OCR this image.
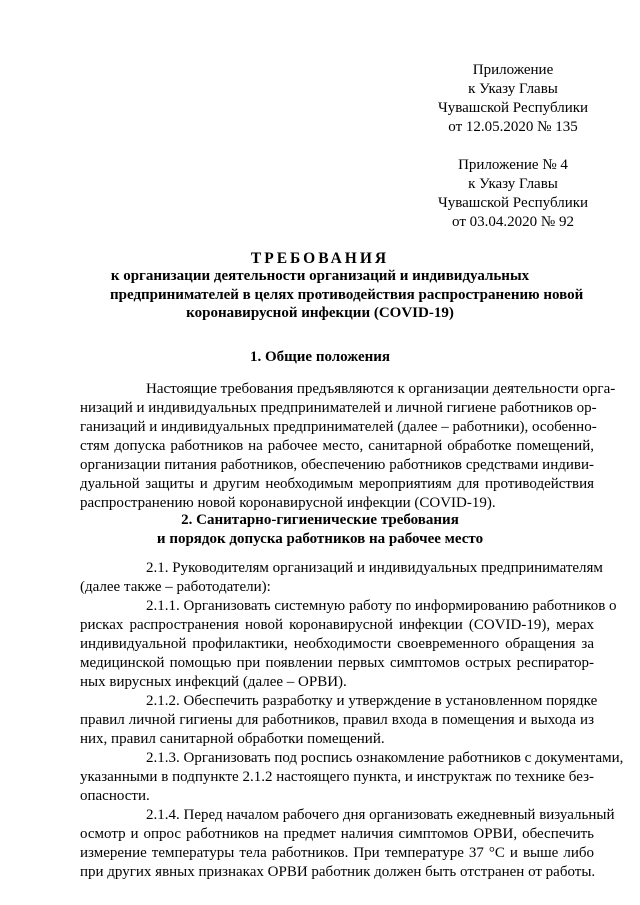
Приложение
к Указу Главы
Чувашской Республики
от 12.05.2020 № 135
Приложение № 4
к Указу Главы
Чувашской Республики
от 03.04.2020 № 92
ТРЕБОВАНИЯ
к организации деятельности организаций и индивидуальных
предпринимателей в целях противодействия распространению новой
коронавирусной инфекции (COVID-19)
1. Общие положения
Настоящие требования предъявляются к организации деятельности орга-
низаций и индивидуальных предпринимателей и личной гигиене работников ор-
ганизаций и индивидуальных предпринимателей (далее – работники), особенно-
стям допуска работников на рабочее место, санитарной обработке помещений,
организации питания работников, обеспечению работников средствами индиви-
дуальной защиты и другим необходимым мероприятиям для противодействия
распространению новой коронавирусной инфекции (COVID-19).
2. Санитарно-гигиенические требования
и порядок допуска работников на рабочее место
2.1. Руководителям организаций и индивидуальных предпринимателям
(далее также – работодатели):
2.1.1. Организовать системную работу по информированию работников о
рисках распространения новой коронавирусной инфекции (COVID-19), мерах
индивидуальной профилактики, необходимости своевременного обращения за
медицинской помощью при появлении первых симптомов острых респиратор-
ных вирусных инфекций (далее – ОРВИ).
2.1.2. Обеспечить разработку и утверждение в установленном порядке
правил личной гигиены для работников, правил входа в помещения и выхода из
них, правил санитарной обработки помещений.
2.1.3. Организовать под роспись ознакомление работников с документами,
указанными в подпункте 2.1.2 настоящего пункта, и инструктаж по технике без-
опасности.
2.1.4. Перед началом рабочего дня организовать ежедневный визуальный
осмотр и опрос работников на предмет наличия симптомов ОРВИ, обеспечить
измерение температуры тела работников. При температуре 37 °С и выше либо
при других явных признаках ОРВИ работник должен быть отстранен от работы.
